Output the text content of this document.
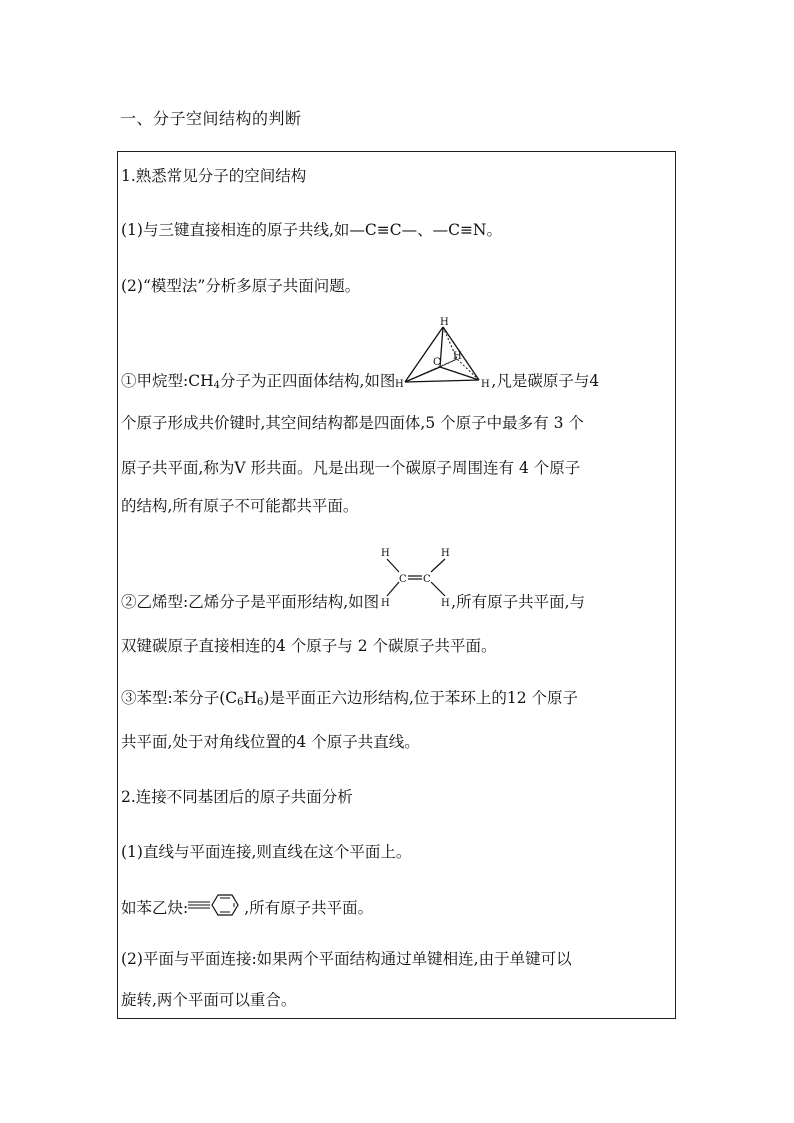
一、分子空间结构的判断
1.熟悉常见分子的空间结构
(1)与三键直接相连的原子共线,如—C≡C—、—C≡N。
(2)“模型法”分析多原子共面问题。
①甲烷型$:CH_4$分子为正四面体结构,如图
H
H	H
C
H
,凡是碳原子与4
个原子形成共价键时,其空间结构都是四面体,5 个原子中最多有 3 个
原子共平面,称为V 形共面。凡是出现一个碳原子周围连有 4 个原子
的结构,所有原子不可能都共平面。
②乙烯型:乙烯分子是平面形结构,如图
H	H
H	H
C C
,所有原子共平面,与
双键碳原子直接相连的4 个原子与 2 个碳原子共平面。
③苯型:苯分子$(C_6H_6)$是平面正六边形结构,位于苯环上的12 个原子
共平面,处于对角线位置的4 个原子共直线。
2.连接不同基团后的原子共面分析
(1)直线与平面连接,则直线在这个平面上。
如苯乙炔:	,所有原子共平面。
(2)平面与平面连接:如果两个平面结构通过单键相连,由于单键可以
旋转,两个平面可以重合。
